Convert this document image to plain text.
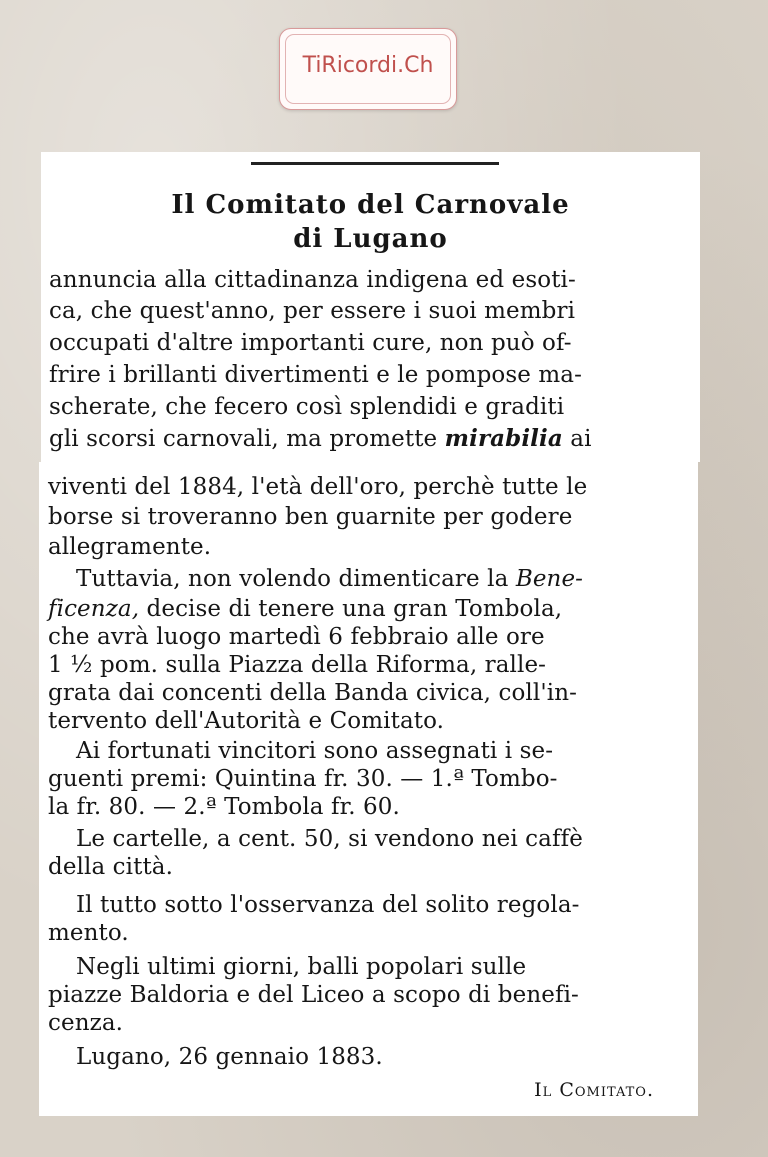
TiRicordi.Ch
Il Comitato del Carnovale
di Lugano
annuncia alla cittadinanza indigena ed esoti-
ca, che quest'anno, per essere i suoi membri
occupati d'altre importanti cure, non può of-
frire i brillanti divertimenti e le pompose ma-
scherate, che fecero così splendidi e graditi
gli scorsi carnovali, ma promette mirabilia ai
viventi del 1884, l'età dell'oro, perchè tutte le
borse si troveranno ben guarnite per godere
allegramente.
Tuttavia, non volendo dimenticare la Bene-
ficenza, decise di tenere una gran Tombola,
che avrà luogo martedì 6 febbraio alle ore
1 ½ pom. sulla Piazza della Riforma, ralle-
grata dai concenti della Banda civica, coll'in-
tervento dell'Autorità e Comitato.
Ai fortunati vincitori sono assegnati i se-
guenti premi: Quintina fr. 30. — 1.ª Tombo-
la fr. 80. — 2.ª Tombola fr. 60.
Le cartelle, a cent. 50, si vendono nei caffè
della città.
Il tutto sotto l'osservanza del solito regola-
mento.
Negli ultimi giorni, balli popolari sulle
piazze Baldoria e del Liceo a scopo di benefi-
cenza.
Lugano, 26 gennaio 1883.
Il Comitato.
